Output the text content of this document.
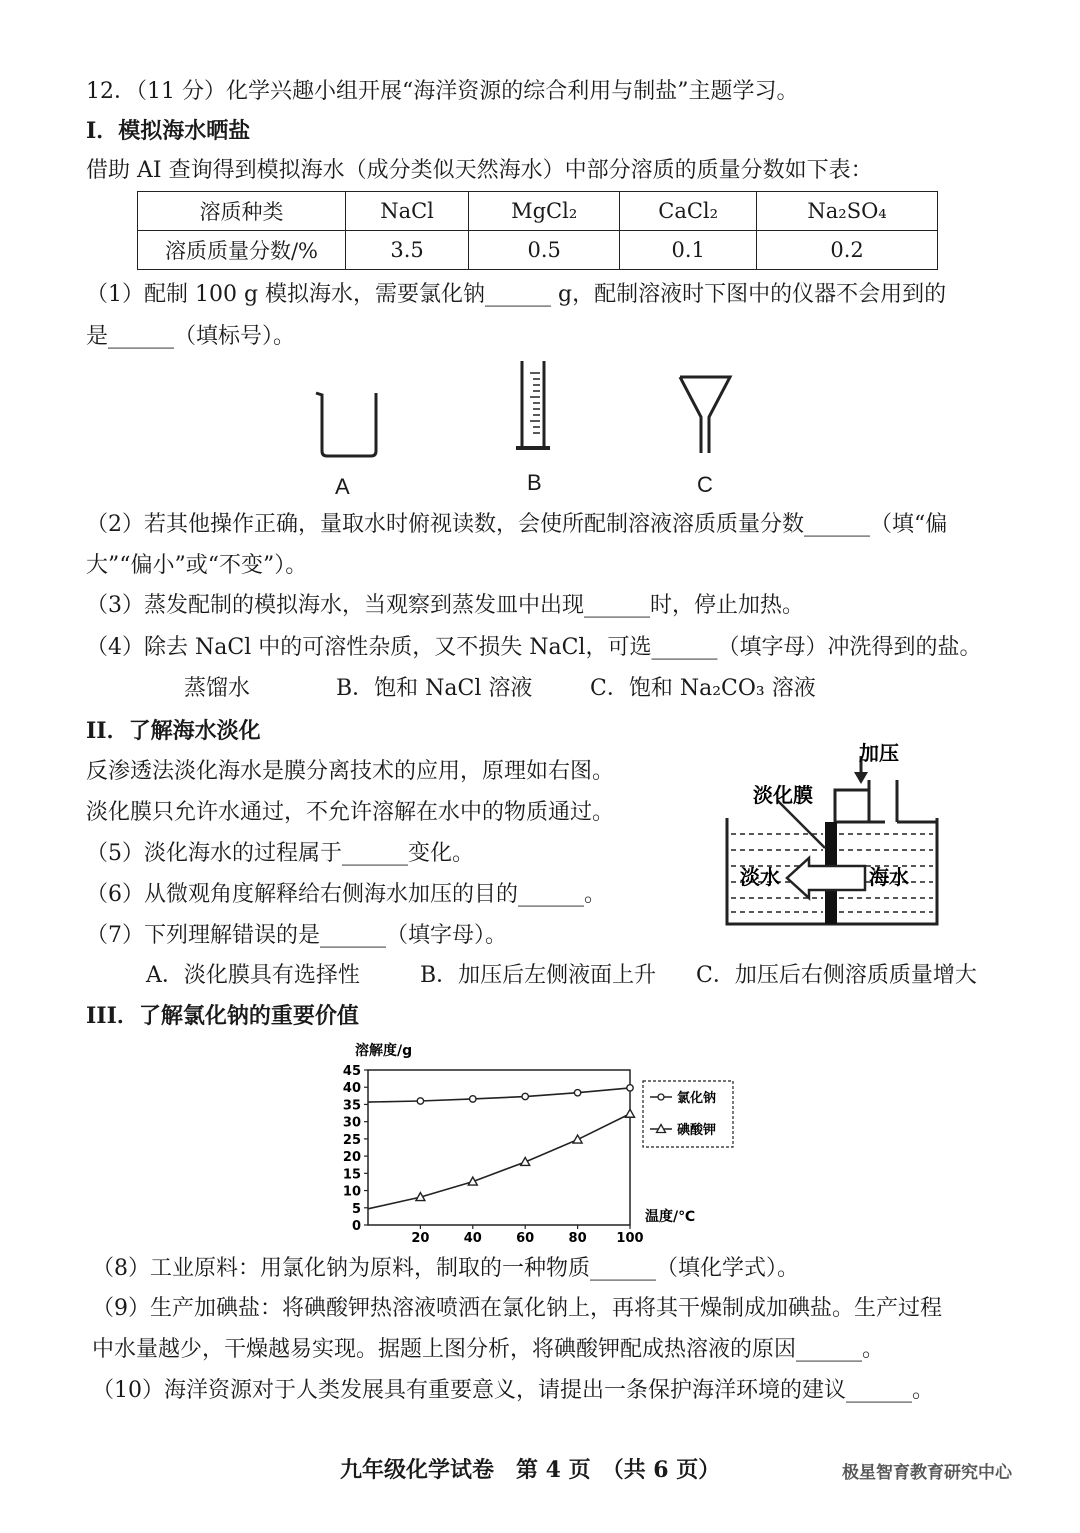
12．（11 分）化学兴趣小组开展“海洋资源的综合利用与制盐”主题学习。
I．模拟海水晒盐
借助 AI 查询得到模拟海水（成分类似天然海水）中部分溶质的质量分数如下表：
溶质种类	NaCl	MgCl₂	CaCl₂	Na₂SO₄
溶质质量分数/%	3.5	0.5	0.1	0.2
（1）配制 100 g 模拟海水，需要氯化钠______ g，配制溶液时下图中的仪器不会用到的
是______（填标号）。
A	B	C
（2）若其他操作正确，量取水时俯视读数，会使所配制溶液溶质质量分数______（填“偏
大”“偏小”或“不变”）。
（3）蒸发配制的模拟海水，当观察到蒸发皿中出现______时，停止加热。
（4）除去 NaCl 中的可溶性杂质，又不损失 NaCl，可选______（填字母）冲洗得到的盐。
蒸馏水	B．饱和 NaCl 溶液	C．饱和 Na₂CO₃ 溶液
II．了解海水淡化
反渗透法淡化海水是膜分离技术的应用，原理如右图。
淡化膜只允许水通过，不允许溶解在水中的物质通过。
（5）淡化海水的过程属于______变化。
（6）从微观角度解释给右侧海水加压的目的______。
（7）下列理解错误的是______（填字母）。
A．淡化膜具有选择性	B．加压后左侧液面上升 C．加压后右侧溶质质量增大
加压
淡化膜
淡水	海水
III．了解氯化钠的重要价值
溶解度/g
温度/℃
0
5
10
15
20
25
30
35
40
45
20	40	60	80 100
氯化钠
碘酸钾
（8）工业原料：用氯化钠为原料，制取的一种物质______（填化学式）。
（9）生产加碘盐：将碘酸钾热溶液喷洒在氯化钠上，再将其干燥制成加碘盐。生产过程
中水量越少，干燥越易实现。据题上图分析，将碘酸钾配成热溶液的原因______。
（10）海洋资源对于人类发展具有重要意义，请提出一条保护海洋环境的建议______。
九年级化学试卷　第 4 页　（共 6 页）	极星智育教育研究中心
